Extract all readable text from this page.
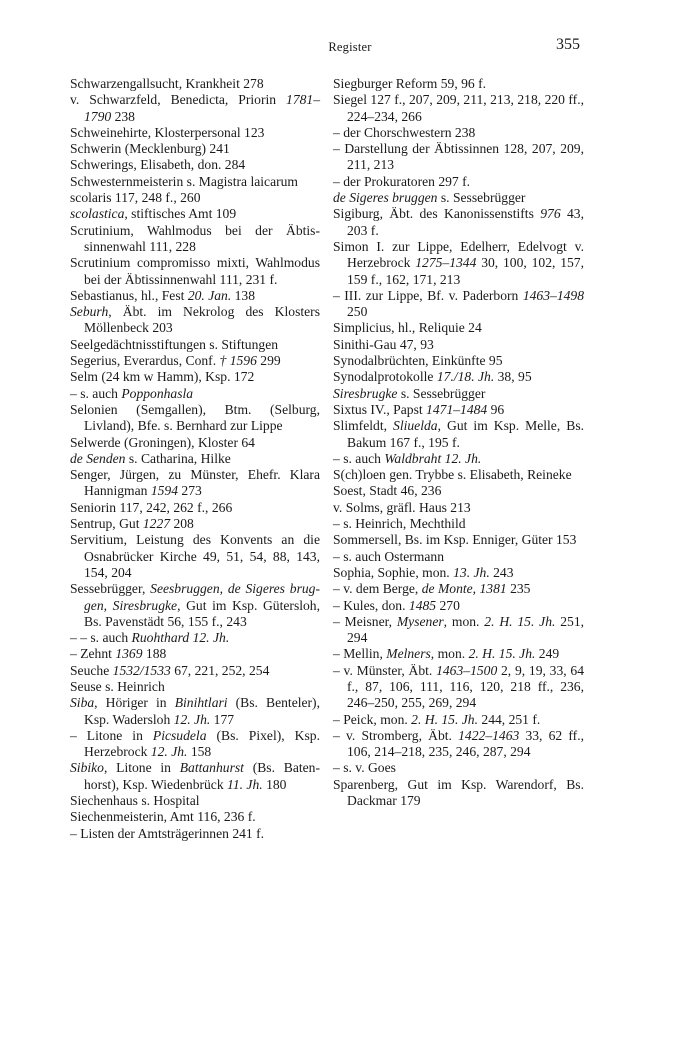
Register	355
Schwarzengallsucht, Krankheit 278
v. Schwarzfeld, Benedicta, Priorin 1781–1790 238
Schweinehirte, Klosterpersonal 123
Schwerin (Mecklenburg) 241
Schwerings, Elisabeth, don. 284
Schwesternmeisterin s. Magistra laicarum
scolaris 117, 248 f., 260
scolastica, stiftisches Amt 109
Scrutinium, Wahlmodus bei der Äbtissinnenwahl 111, 228
Scrutinium compromisso mixti, Wahlmodus bei der Äbtissinnenwahl 111, 231 f.
Sebastianus, hl., Fest 20. Jan. 138
Seburh, Äbt. im Nekrolog des Klosters Möllenbeck 203
Seelgedächtnisstiftungen s. Stiftungen
Segerius, Everardus, Conf. † 1596 299
Selm (24 km w Hamm), Ksp. 172
– s. auch Popponhasla
Selonien (Semgallen), Btm. (Selburg, Livland), Bfe. s. Bernhard zur Lippe
Selwerde (Groningen), Kloster 64
de Senden s. Catharina, Hilke
Senger, Jürgen, zu Münster, Ehefr. Klara Hannigman 1594 273
Seniorin 117, 242, 262 f., 266
Sentrup, Gut 1227 208
Servitium, Leistung des Konvents an die Osnabrücker Kirche 49, 51, 54, 88, 143, 154, 204
Sessebrügger, Seesbruggen, de Sigeres bruggen, Siresbrugke, Gut im Ksp. Gütersloh, Bs. Pavenstädt 56, 155 f., 243
– – s. auch Ruohthard 12. Jh.
– Zehnt 1369 188
Seuche 1532/1533 67, 221, 252, 254
Seuse s. Heinrich
Siba, Höriger in Binihtlari (Bs. Benteler), Ksp. Wadersloh 12. Jh. 177
– Litone in Picsudela (Bs. Pixel), Ksp. Herzebrock 12. Jh. 158
Sibiko, Litone in Battanhurst (Bs. Batenhorst), Ksp. Wiedenbrück 11. Jh. 180
Siechenhaus s. Hospital
Siechenmeisterin, Amt 116, 236 f.
– Listen der Amtsträgerinnen 241 f.
Siegburger Reform 59, 96 f.
Siegel 127 f., 207, 209, 211, 213, 218, 220 ff., 224–234, 266
– der Chorschwestern 238
– Darstellung der Äbtissinnen 128, 207, 209, 211, 213
– der Prokuratoren 297 f.
de Sigeres bruggen s. Sessebrügger
Sigiburg, Äbt. des Kanonissenstifts 976 43, 203 f.
Simon I. zur Lippe, Edelherr, Edelvogt v. Herzebrock 1275–1344 30, 100, 102, 157, 159 f., 162, 171, 213
– III. zur Lippe, Bf. v. Paderborn 1463–1498 250
Simplicius, hl., Reliquie 24
Sinithi-Gau 47, 93
Synodalbrüchten, Einkünfte 95
Synodalprotokolle 17./18. Jh. 38, 95
Siresbrugke s. Sessebrügger
Sixtus IV., Papst 1471–1484 96
Slimfeldt, Sliuelda, Gut im Ksp. Melle, Bs. Bakum 167 f., 195 f.
– s. auch Waldbraht 12. Jh.
S(ch)loen gen. Trybbe s. Elisabeth, Reineke
Soest, Stadt 46, 236
v. Solms, gräfl. Haus 213
– s. Heinrich, Mechthild
Sommersell, Bs. im Ksp. Enniger, Güter 153
– s. auch Ostermann
Sophia, Sophie, mon. 13. Jh. 243
– v. dem Berge, de Monte, 1381 235
– Kules, don. 1485 270
– Meisner, Mysener, mon. 2. H. 15. Jh. 251, 294
– Mellin, Melners, mon. 2. H. 15. Jh. 249
– v. Münster, Äbt. 1463–1500 2, 9, 19, 33, 64 f., 87, 106, 111, 116, 120, 218 ff., 236, 246–250, 255, 269, 294
– Peick, mon. 2. H. 15. Jh. 244, 251 f.
– v. Stromberg, Äbt. 1422–1463 33, 62 ff., 106, 214–218, 235, 246, 287, 294
– s. v. Goes
Sparenberg, Gut im Ksp. Warendorf, Bs. Dackmar 179
